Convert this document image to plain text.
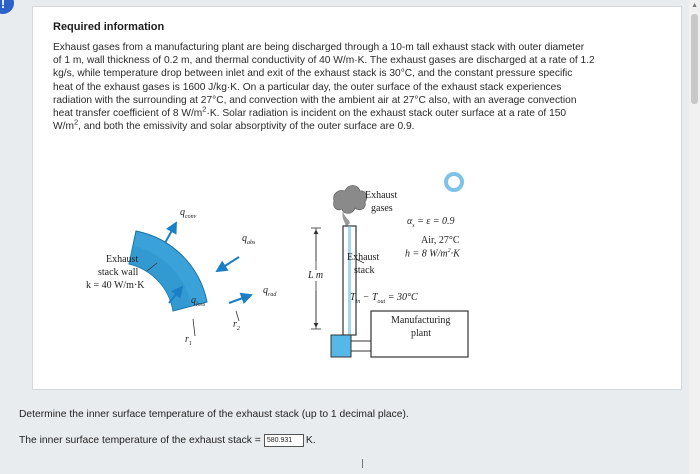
!	▲
Required information
Exhaust gases from a manufacturing plant are being discharged through a 10-m tall exhaust stack with outer diameter
of 1 m, wall thickness of 0.2 m, and thermal conductivity of 40 W/m·K. The exhaust gases are discharged at a rate of 1.2
kg/s, while temperature drop between inlet and exit of the exhaust stack is 30°C, and the constant pressure specific
heat of the exhaust gases is 1600 J/kg·K. On a particular day, the outer surface of the exhaust stack experiences
radiation with the surrounding at 27°C, and convection with the ambient air at 27°C also, with an average convection
heat transfer coefficient of 8 $W/m^2\cdot K$. Solar radiation is incident on the exhaust stack outer surface at a rate of 150
$W/m^2$, and both the emissivity and solar absorptivity of the outer surface are 0.9.
Exhaust
stack wall
k = 40 W/m·K
$q_{conv}$
$q_{abs}$
$q_{rad}$
$q_{loss}$
$r_1$
$r_2$
Exhaust
gases
$\alpha_s = \varepsilon = 0.9$
Air, 27°C
h = 8 $W/m^2\cdot K$
Exhaust
stack
L m
$T_{in} - T_{out} = 30^\circ C$
Manufacturing
plant
Determine the inner surface temperature of the exhaust stack (up to 1 decimal place).
The inner surface temperature of the exhaust stack = 580.931	K.
